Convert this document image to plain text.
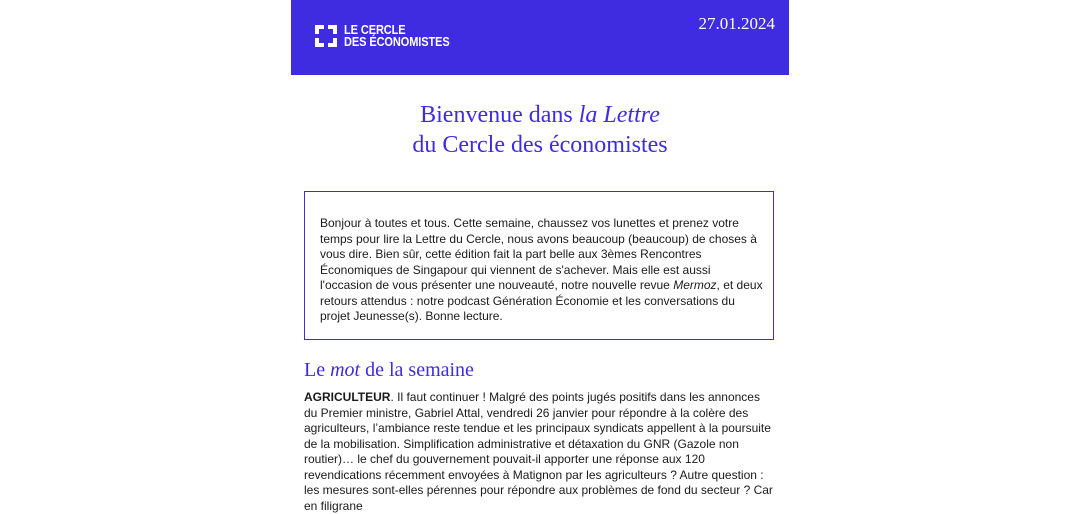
LE CERCLE
DES ÉCONOMISTES
27.01.2024
Bienvenue dans la Lettre
du Cercle des économistes
Bonjour à toutes et tous. Cette semaine, chaussez vos lunettes et prenez votre temps pour lire la Lettre du Cercle, nous avons beaucoup (beaucoup) de choses à vous dire. Bien sûr, cette édition fait la part belle aux 3èmes Rencontres Économiques de Singapour qui viennent de s'achever. Mais elle est aussi l'occasion de vous présenter une nouveauté, notre nouvelle revue Mermoz, et deux retours attendus : notre podcast Génération Économie et les conversations du projet Jeunesse(s). Bonne lecture.
Le mot de la semaine
AGRICULTEUR. Il faut continuer ! Malgré des points jugés positifs dans les annonces du Premier ministre, Gabriel Attal, vendredi 26 janvier pour répondre à la colère des agriculteurs, l’ambiance reste tendue et les principaux syndicats appellent à la poursuite de la mobilisation. Simplification administrative et détaxation du GNR (Gazole non routier)… le chef du gouvernement pouvait-il apporter une réponse aux 120 revendications récemment envoyées à Matignon par les agriculteurs ? Autre question : les mesures sont-elles pérennes pour répondre aux problèmes de fond du secteur ? Car en filigrane
